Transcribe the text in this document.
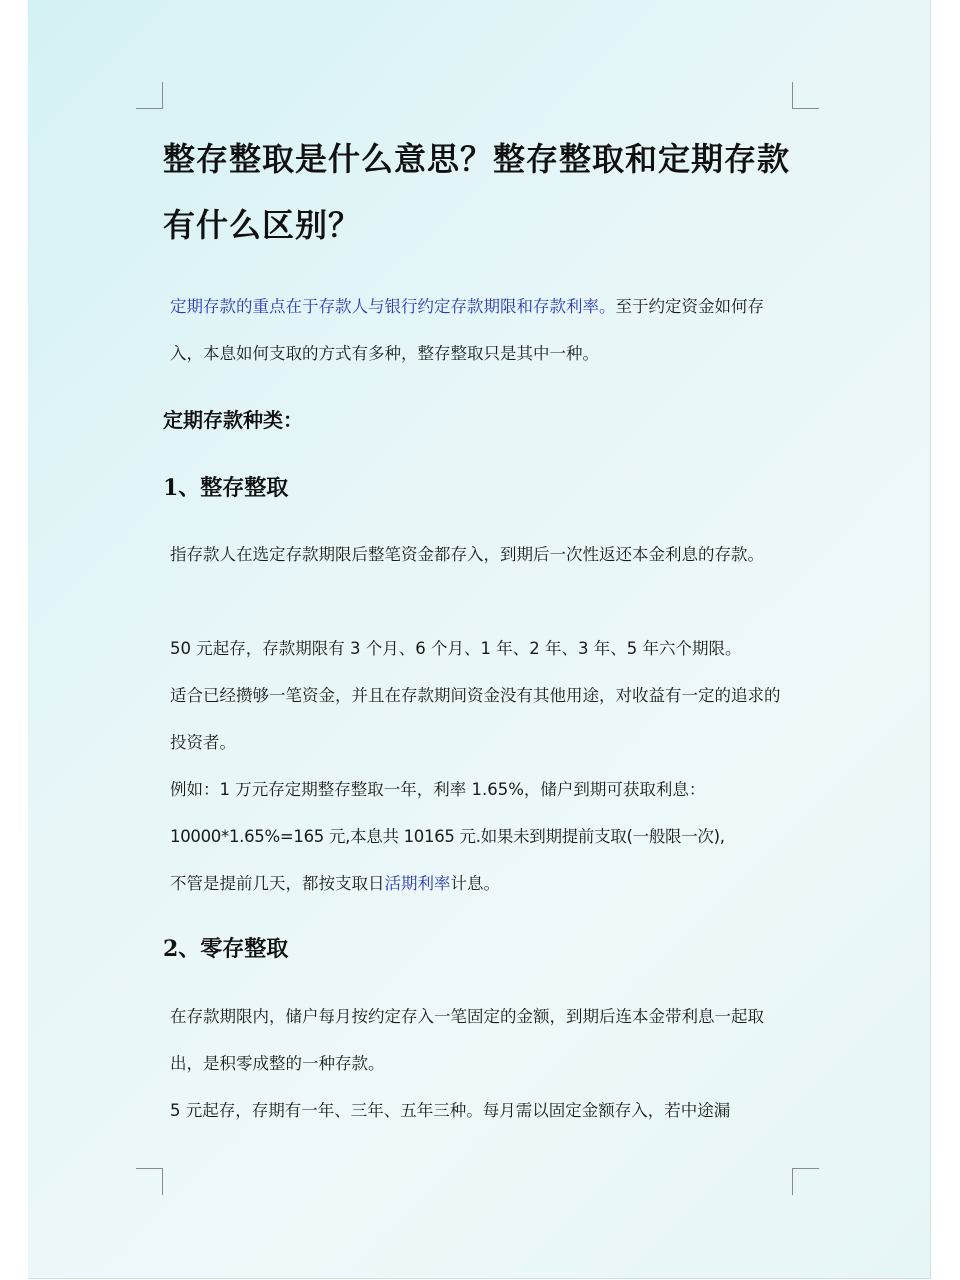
整存整取是什么意思？整存整取和定期存款有什么区别？

定期存款的重点在于存款人与银行约定存款期限和存款利率。至于约定资金如何存入，本息如何支取的方式有多种，整存整取只是其中一种。

定期存款种类：
1、整存整取

指存款人在选定存款期限后整笔资金都存入，到期后一次性返还本金利息的存款。

50 元起存，存款期限有 3 个月、6 个月、1 年、2 年、3 年、5 年六个期限。

适合已经攒够一笔资金，并且在存款期间资金没有其他用途，对收益有一定的追求的投资者。

例如：1 万元存定期整存整取一年，利率 1.65%，储户到期可获取利息：

10000*1.65%=165 元,本息共 10165 元.如果未到期提前支取(一般限一次),

不管是提前几天，都按支取日活期利率计息。

2、零存整取

在存款期限内，储户每月按约定存入一笔固定的金额，到期后连本金带利息一起取出，是积零成整的一种存款。

5 元起存，存期有一年、三年、五年三种。每月需以固定金额存入，若中途漏
